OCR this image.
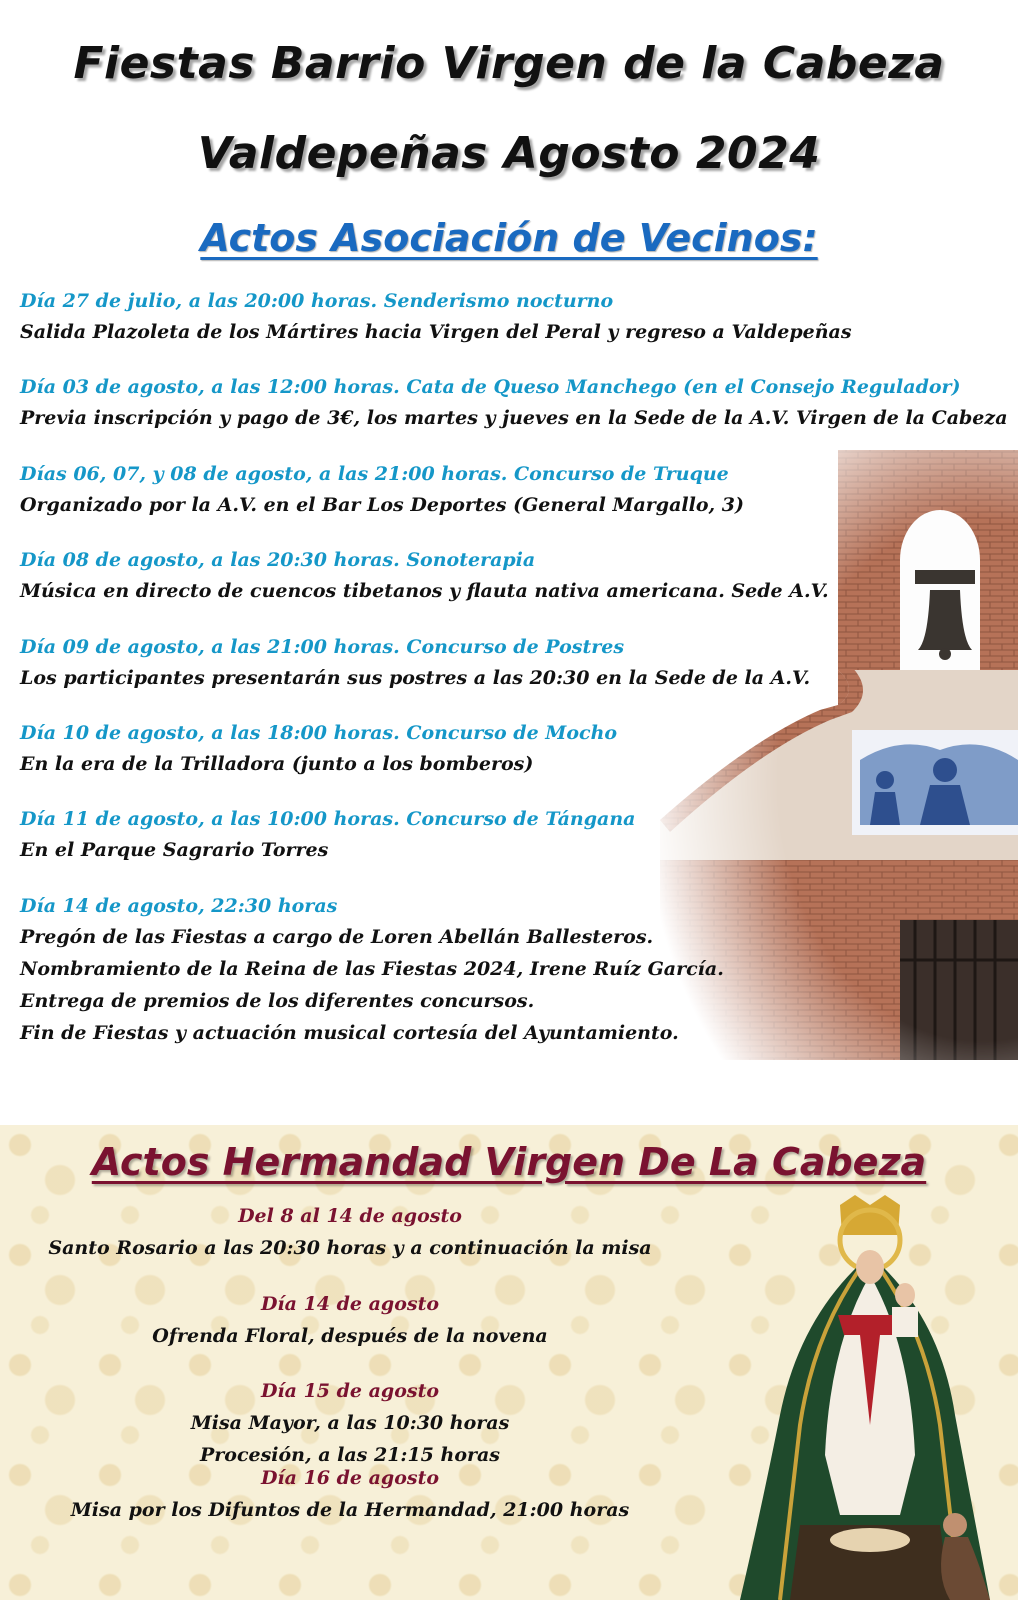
Fiestas Barrio Virgen de la Cabeza
Valdepeñas Agosto 2024
Actos Asociación de Vecinos:
Día 27 de julio, a las 20:00 horas. Senderismo nocturno
Salida Plazoleta de los Mártires hacia Virgen del Peral y regreso a Valdepeñas
Día 03 de agosto, a las 12:00 horas. Cata de Queso Manchego (en el Consejo Regulador)
Previa inscripción y pago de 3€, los martes y jueves en la Sede de la A.V. Virgen de la Cabeza
Días 06, 07, y 08 de agosto, a las 21:00 horas. Concurso de Truque
Organizado por la A.V. en el Bar Los Deportes (General Margallo, 3)
Día 08 de agosto, a las 20:30 horas. Sonoterapia
Música en directo de cuencos tibetanos y flauta nativa americana. Sede A.V.
Día 09 de agosto, a las 21:00 horas. Concurso de Postres
Los participantes presentarán sus postres a las 20:30 en la Sede de la A.V.
Día 10 de agosto, a las 18:00 horas. Concurso de Mocho
En la era de la Trilladora (junto a los bomberos)
Día 11 de agosto, a las 10:00 horas. Concurso de Tángana
En el Parque Sagrario Torres
Día 14 de agosto, 22:30 horas
Pregón de las Fiestas a cargo de Loren Abellán Ballesteros.
Nombramiento de la Reina de las Fiestas 2024, Irene Ruíz García.
Entrega de premios de los diferentes concursos.
Fin de Fiestas y actuación musical cortesía del Ayuntamiento.
Actos Hermandad Virgen De La Cabeza
Del 8 al 14 de agosto
Santo Rosario a las 20:30 horas y a continuación la misa
Día 14 de agosto
Ofrenda Floral, después de la novena
Día 15 de agosto
Misa Mayor, a las 10:30 horas
Procesión, a las 21:15 horas
Día 16 de agosto
Misa por los Difuntos de la Hermandad, 21:00 horas
